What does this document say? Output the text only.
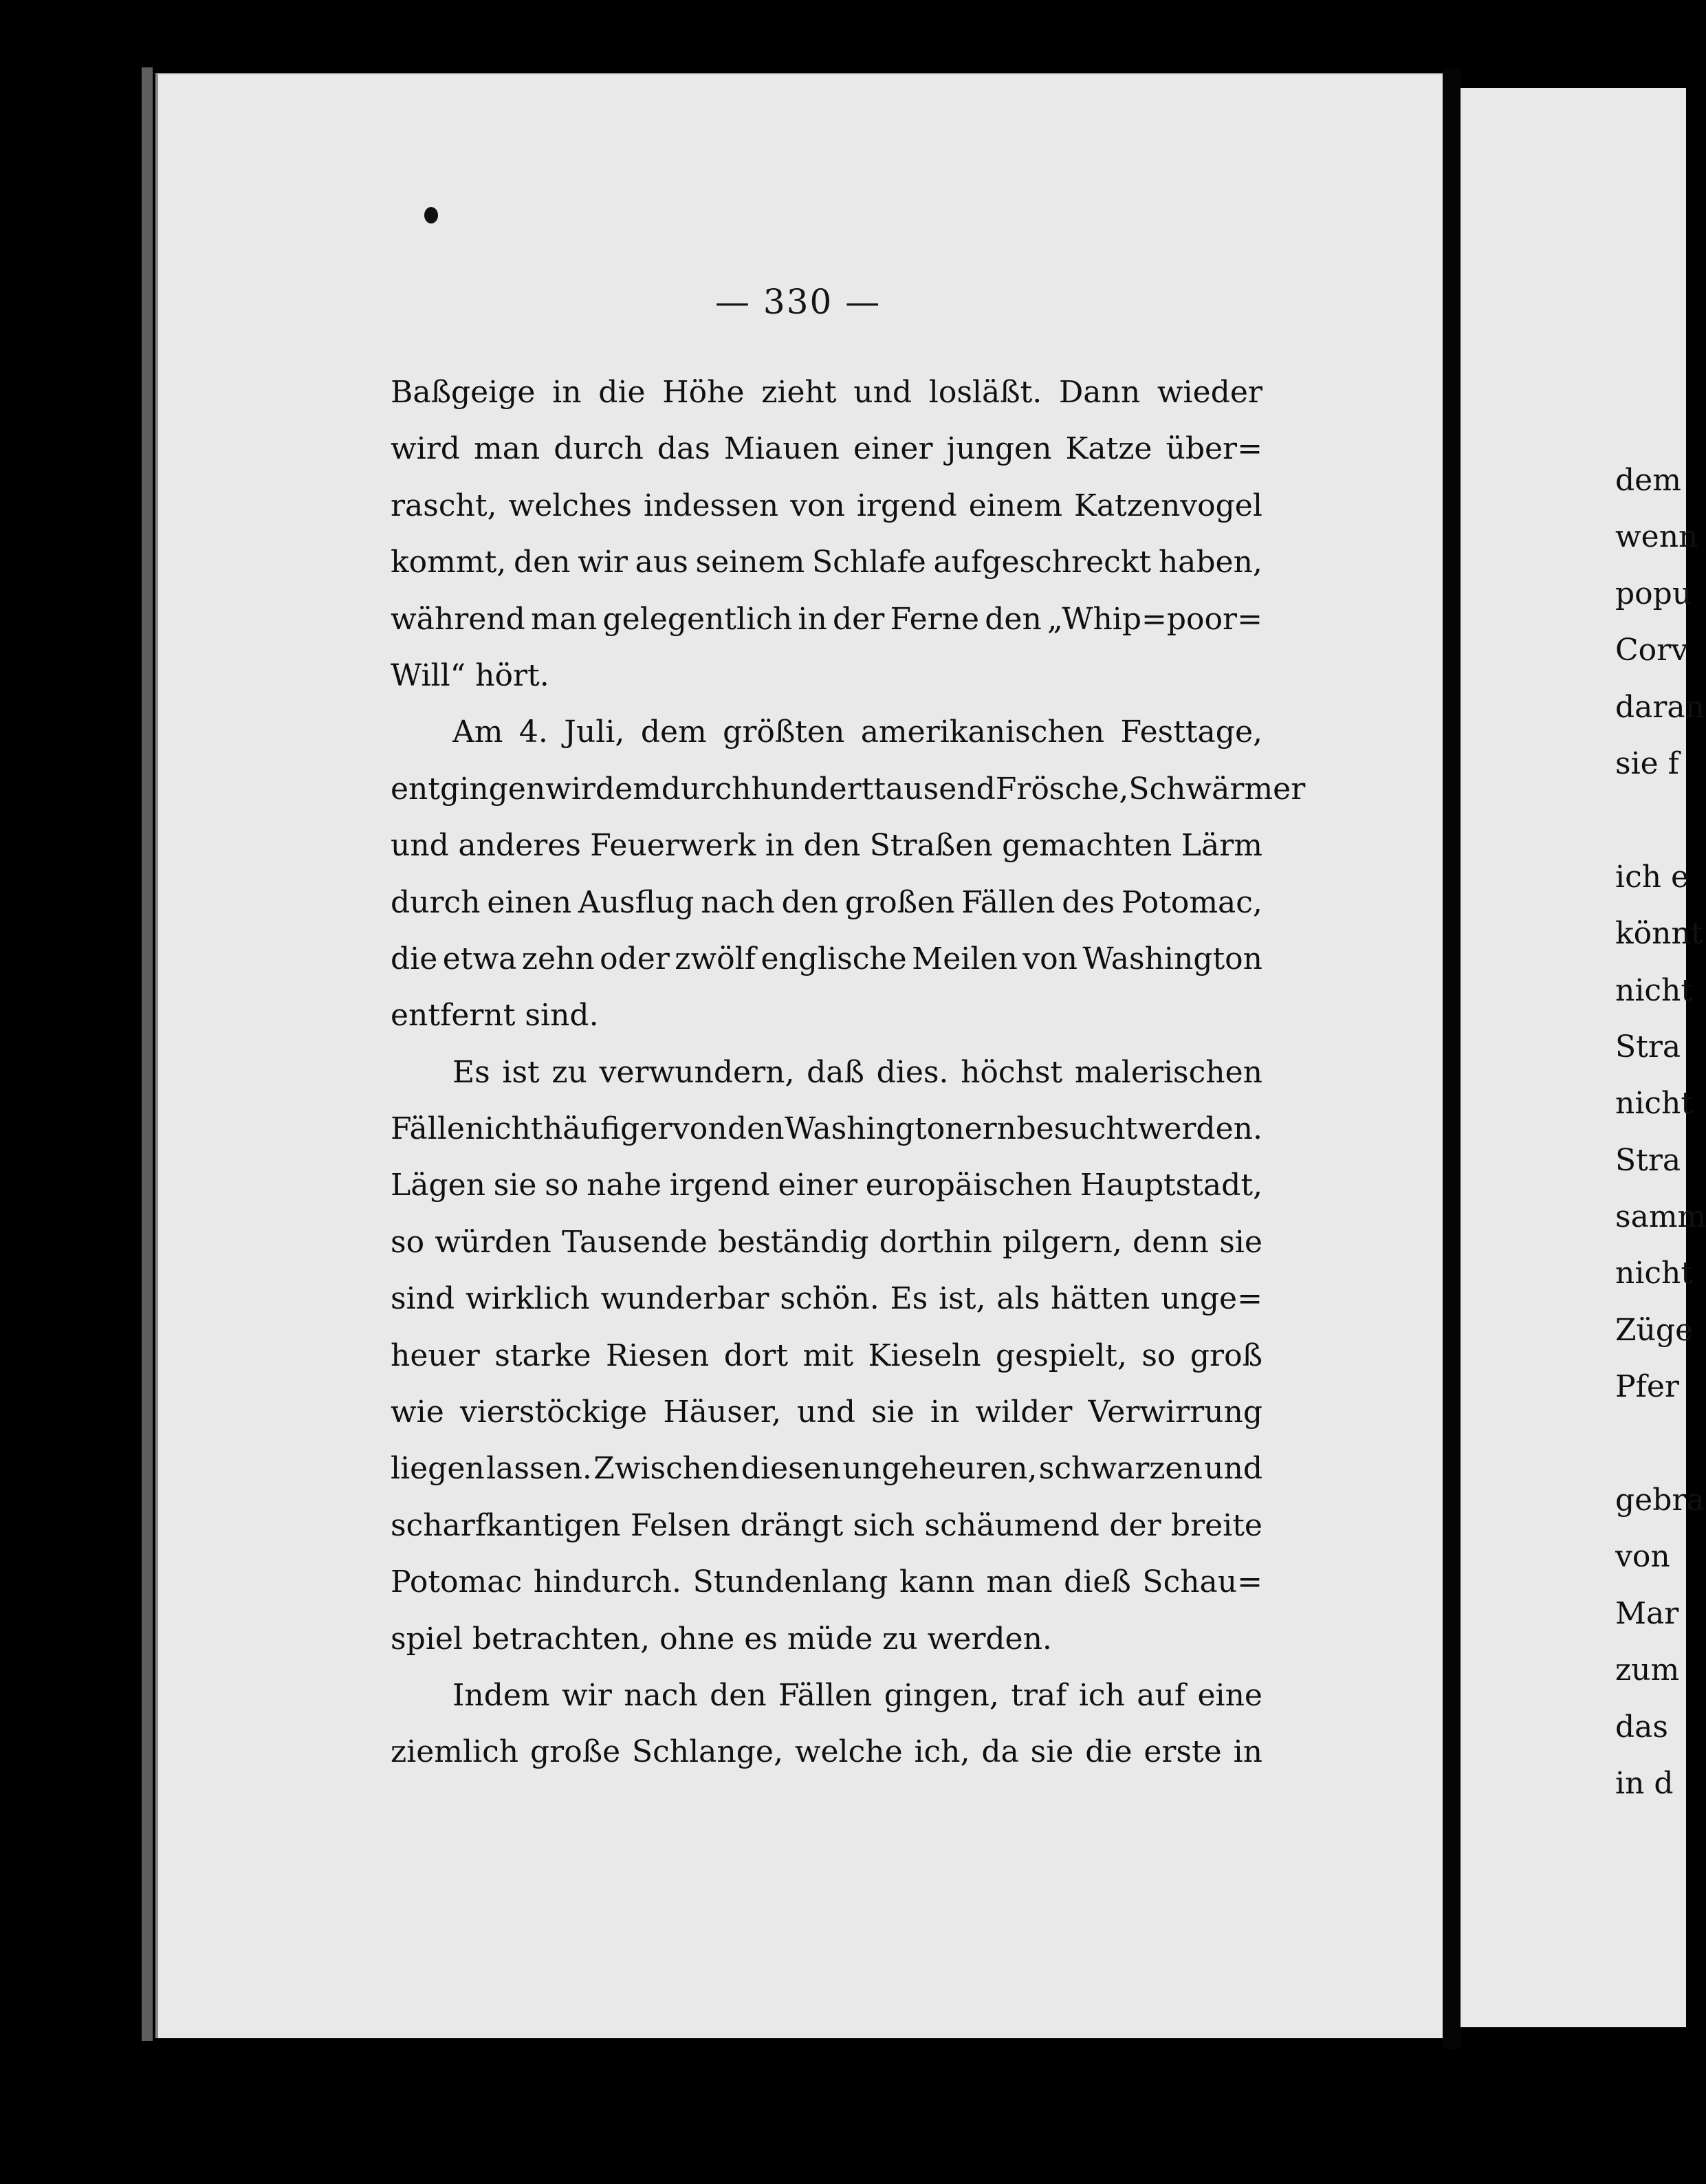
— 330 —
Baßgeige in die Höhe zieht und losläßt. Dann wieder
wird man durch das Miauen einer jungen Katze über=
rascht, welches indessen von irgend einem Katzenvogel
kommt, den wir aus seinem Schlafe aufgeschreckt haben,
während man gelegentlich in der Ferne den „Whip=poor=
Will“ hört.
Am 4. Juli, dem größten amerikanischen Festtage,
entgingen wir dem durch hunderttausend Frösche, Schwärmer
und anderes Feuerwerk in den Straßen gemachten Lärm
durch einen Ausflug nach den großen Fällen des Potomac,
die etwa zehn oder zwölf englische Meilen von Washington
entfernt sind.
Es ist zu verwundern, daß dies. höchst malerischen
Fälle nicht häufiger von den Washingtonern besucht werden.
Lägen sie so nahe irgend einer europäischen Hauptstadt,
so würden Tausende beständig dorthin pilgern, denn sie
sind wirklich wunderbar schön. Es ist, als hätten unge=
heuer starke Riesen dort mit Kieseln gespielt, so groß
wie vierstöckige Häuser, und sie in wilder Verwirrung
liegen lassen. Zwischen diesen ungeheuren, schwarzen und
scharfkantigen Felsen drängt sich schäumend der breite
Potomac hindurch. Stundenlang kann man dieß Schau=
spiel betrachten, ohne es müde zu werden.
Indem wir nach den Fällen gingen, traf ich auf eine
ziemlich große Schlange, welche ich, da sie die erste in
dem
wenn
popu
Corv
daran
sie f
ich e
könnt
nicht
Stra
nicht
Stra
samm
nicht
Züge
Pfer
gebra
von
Mar
zum
das
in d
